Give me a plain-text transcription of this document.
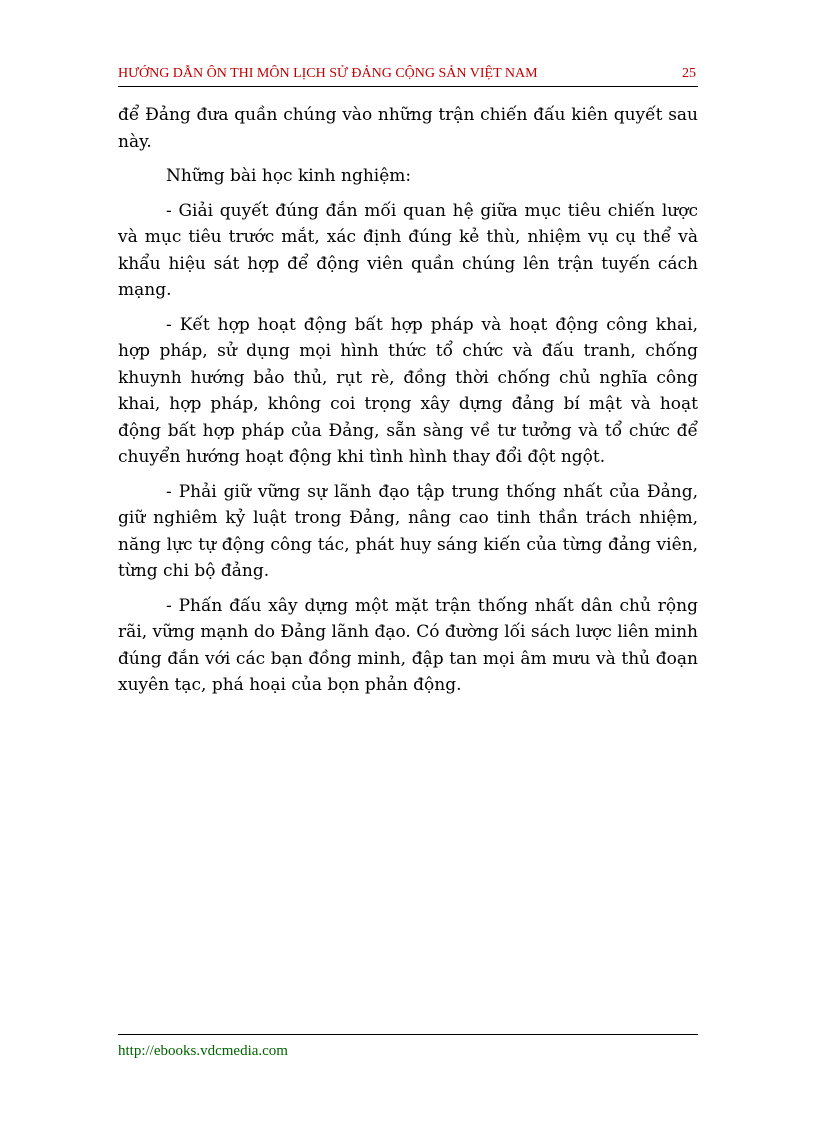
HƯỚNG DẪN ÔN THI MÔN LỊCH SỬ ĐẢNG CỘNG SẢN VIỆT NAM	25

để Đảng đưa quần chúng vào những trận chiến đấu kiên quyết sau này.

Những bài học kinh nghiệm:

- Giải quyết đúng đắn mối quan hệ giữa mục tiêu chiến lược và mục tiêu trước mắt, xác định đúng kẻ thù, nhiệm vụ cụ thể và khẩu hiệu sát hợp để động viên quần chúng lên trận tuyến cách mạng.

- Kết hợp hoạt động bất hợp pháp và hoạt động công khai, hợp pháp, sử dụng mọi hình thức tổ chức và đấu tranh, chống khuynh hướng bảo thủ, rụt rè, đồng thời chống chủ nghĩa công khai, hợp pháp, không coi trọng xây dựng đảng bí mật và hoạt động bất hợp pháp của Đảng, sẵn sàng về tư tưởng và tổ chức để chuyển hướng hoạt động khi tình hình thay đổi đột ngột.

- Phải giữ vững sự lãnh đạo tập trung thống nhất của Đảng, giữ nghiêm kỷ luật trong Đảng, nâng cao tinh thần trách nhiệm, năng lực tự động công tác, phát huy sáng kiến của từng đảng viên, từng chi bộ đảng.

- Phấn đấu xây dựng một mặt trận thống nhất dân chủ rộng rãi, vững mạnh do Đảng lãnh đạo. Có đường lối sách lược liên minh đúng đắn với các bạn đồng minh, đập tan mọi âm mưu và thủ đoạn xuyên tạc, phá hoại của bọn phản động.

http://ebooks.vdcmedia.com
